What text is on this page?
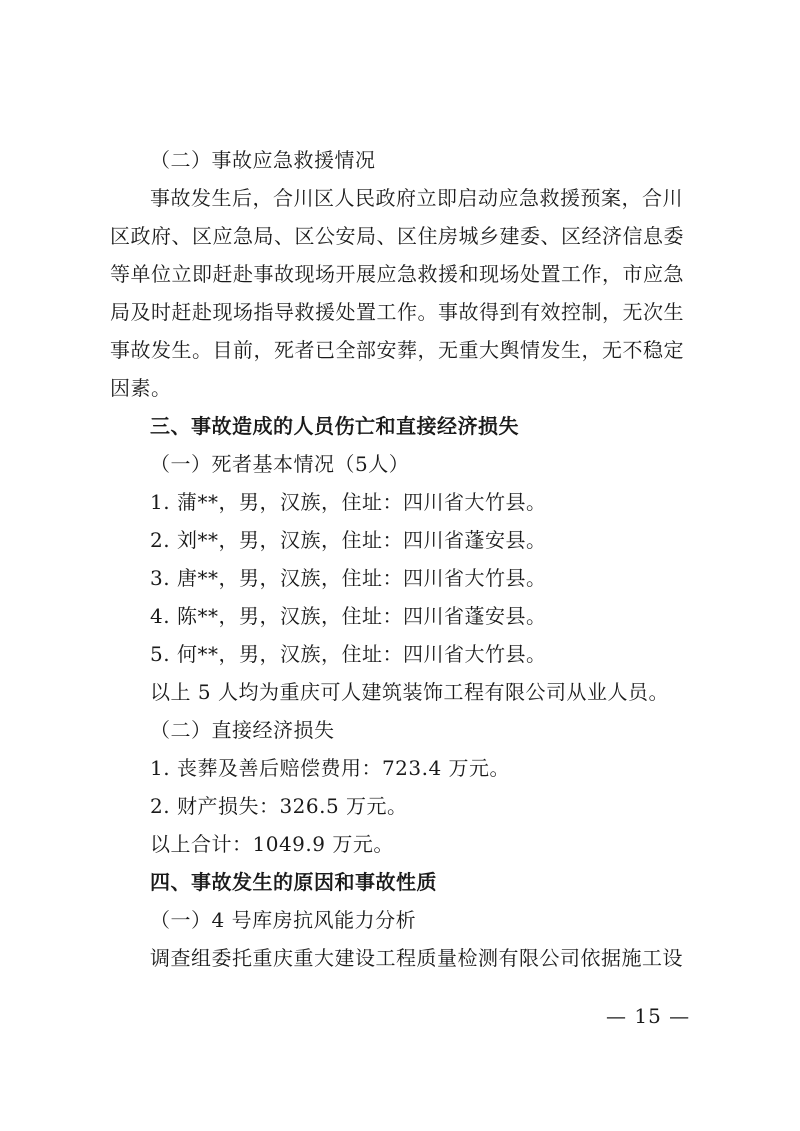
（二）事故应急救援情况
事故发生后，合川区人民政府立即启动应急救援预案，合川
区政府、区应急局、区公安局、区住房城乡建委、区经济信息委
等单位立即赶赴事故现场开展应急救援和现场处置工作，市应急
局及时赶赴现场指导救援处置工作。事故得到有效控制，无次生
事故发生。目前，死者已全部安葬，无重大舆情发生，无不稳定
因素。
三、事故造成的人员伤亡和直接经济损失
（一）死者基本情况（5人）
1. 蒲**，男，汉族，住址：四川省大竹县。
2. 刘**，男，汉族，住址：四川省蓬安县。
3. 唐**，男，汉族，住址：四川省大竹县。
4. 陈**，男，汉族，住址：四川省蓬安县。
5. 何**，男，汉族，住址：四川省大竹县。
以上 5 人均为重庆可人建筑装饰工程有限公司从业人员。
（二）直接经济损失
1. 丧葬及善后赔偿费用：723.4 万元。
2. 财产损失：326.5 万元。
以上合计：1049.9 万元。
四、事故发生的原因和事故性质
（一）4 号库房抗风能力分析
调查组委托重庆重大建设工程质量检测有限公司依据施工设
— 15 —
